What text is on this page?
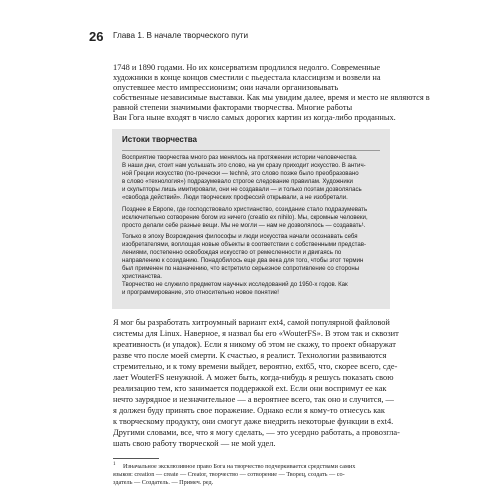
26 Глава 1. В начале творческого пути
1748 и 1890 годами. Но их консерватизм продлился недолго. Современные
художники в конце концов сместили с пьедестала классицизм и возвели на
опустевшее место импрессионизм; они начали организовывать
собственные независимые выставки. Как мы увидим далее, время и место не являются в
равной степени значимыми факторами творчества. Многие работы
Ван Гога ныне входят в число самых дорогих картин из когда-либо проданных.
Истоки творчества
Восприятие творчества много раз менялось на протяжении истории человечества.
В наши дни, стоит нам услышать это слово, на ум сразу приходит искусство. В антич-
ной Греции искусство (по-гречески — technē, это слово позже было преобразовано
в слово «технология») подразумевало строгое следование правилам. Художники
и скульпторы лишь имитировали, они не создавали — и только поэтам дозволялась
«свобода действий». Люди творческих профессий открывали, а не изобретали.
Позднее в Европе, где господствовало христианство, созидание стало подразумевать
исключительно сотворение богом из ничего (creatio ex nihilo). Мы, скромные человеки,
просто делали себе разные вещи. Мы не могли — нам не дозволялось — создавать¹.
Только в эпоху Возрождения философы и люди искусства начали осознавать себя
изобретателями, воплощая новые объекты в соответствии с собственными представ-
лениями, постепенно освобождая искусство от ремесленности и двигаясь по
направлению к созиданию. Понадобилось еще два века для того, чтобы этот термин
был применен по назначению, что встретило серьезное сопротивление со стороны
христианства.
Творчество не служило предметом научных исследований до 1950-х годов. Как
и программирование, это относительно новое понятие!
Я мог бы разработать хитроумный вариант ext4, самой популярной файловой
системы для Linux. Наверное, я назвал бы его «WouterFS». В этом так и сквозит
креативность (и упадок). Если я никому об этом не скажу, то проект обнаружат
разве что после моей смерти. К счастью, я реалист. Технологии развиваются
стремительно, и к тому времени выйдет, вероятно, ext65, что, скорее всего, сде-
лает WouterFS ненужной. А может быть, когда-нибудь я решусь показать свою
реализацию тем, кто занимается поддержкой ext. Если они воспримут ее как
нечто заурядное и незначительное — а вероятнее всего, так оно и случится, —
я должен буду принять свое поражение. Однако если я кому-то отнесусь как
к творческому продукту, они смогут даже внедрить некоторые функции в ext4.
Другими словами, все, что я могу сделать, — это усердно работать, а провозгла-
шать свою работу творческой — не мой удел.
1 Изначальное эксклюзивное право Бога на творчество подчеркивается средствами самих
языков: creation — create — Creator, творчество — сотворение — Творец, создать — со-
здатель — Создатель. — Примеч. ред.
